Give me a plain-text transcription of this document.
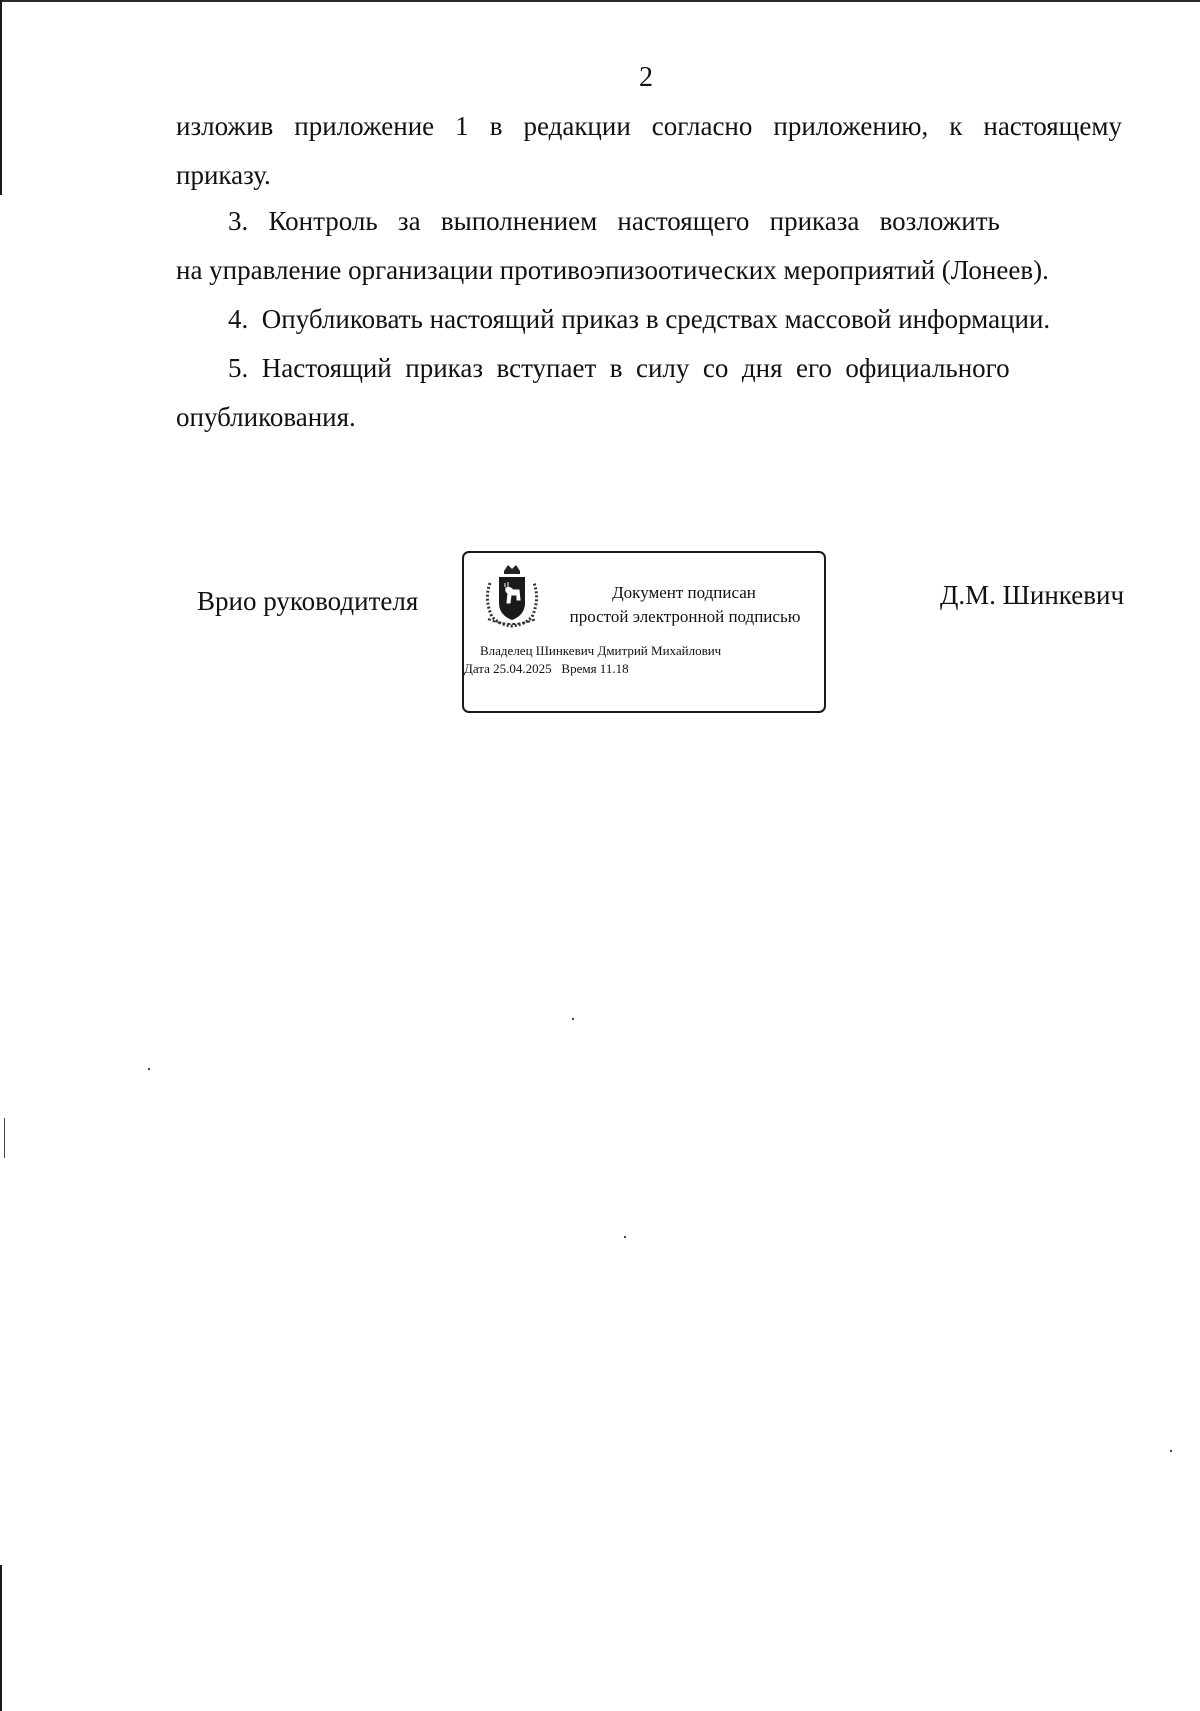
2
изложив приложение 1 в редакции согласно приложению, к настоящему
приказу.
3.   Контроль   за   выполнением   настоящего   приказа   возложить
на управление организации противоэпизоотических мероприятий (Лонеев).
4.  Опубликовать настоящий приказ в средствах массовой информации.
5.  Настоящий  приказ  вступает  в  силу  со  дня  его  официального
опубликования.
Врио руководителя	Документ подписан
простой электронной подписью
Владелец Шинкевич Дмитрий Михайлович
Дата 25.04.2025   Время 11.18
Д.М. Шинкевич
